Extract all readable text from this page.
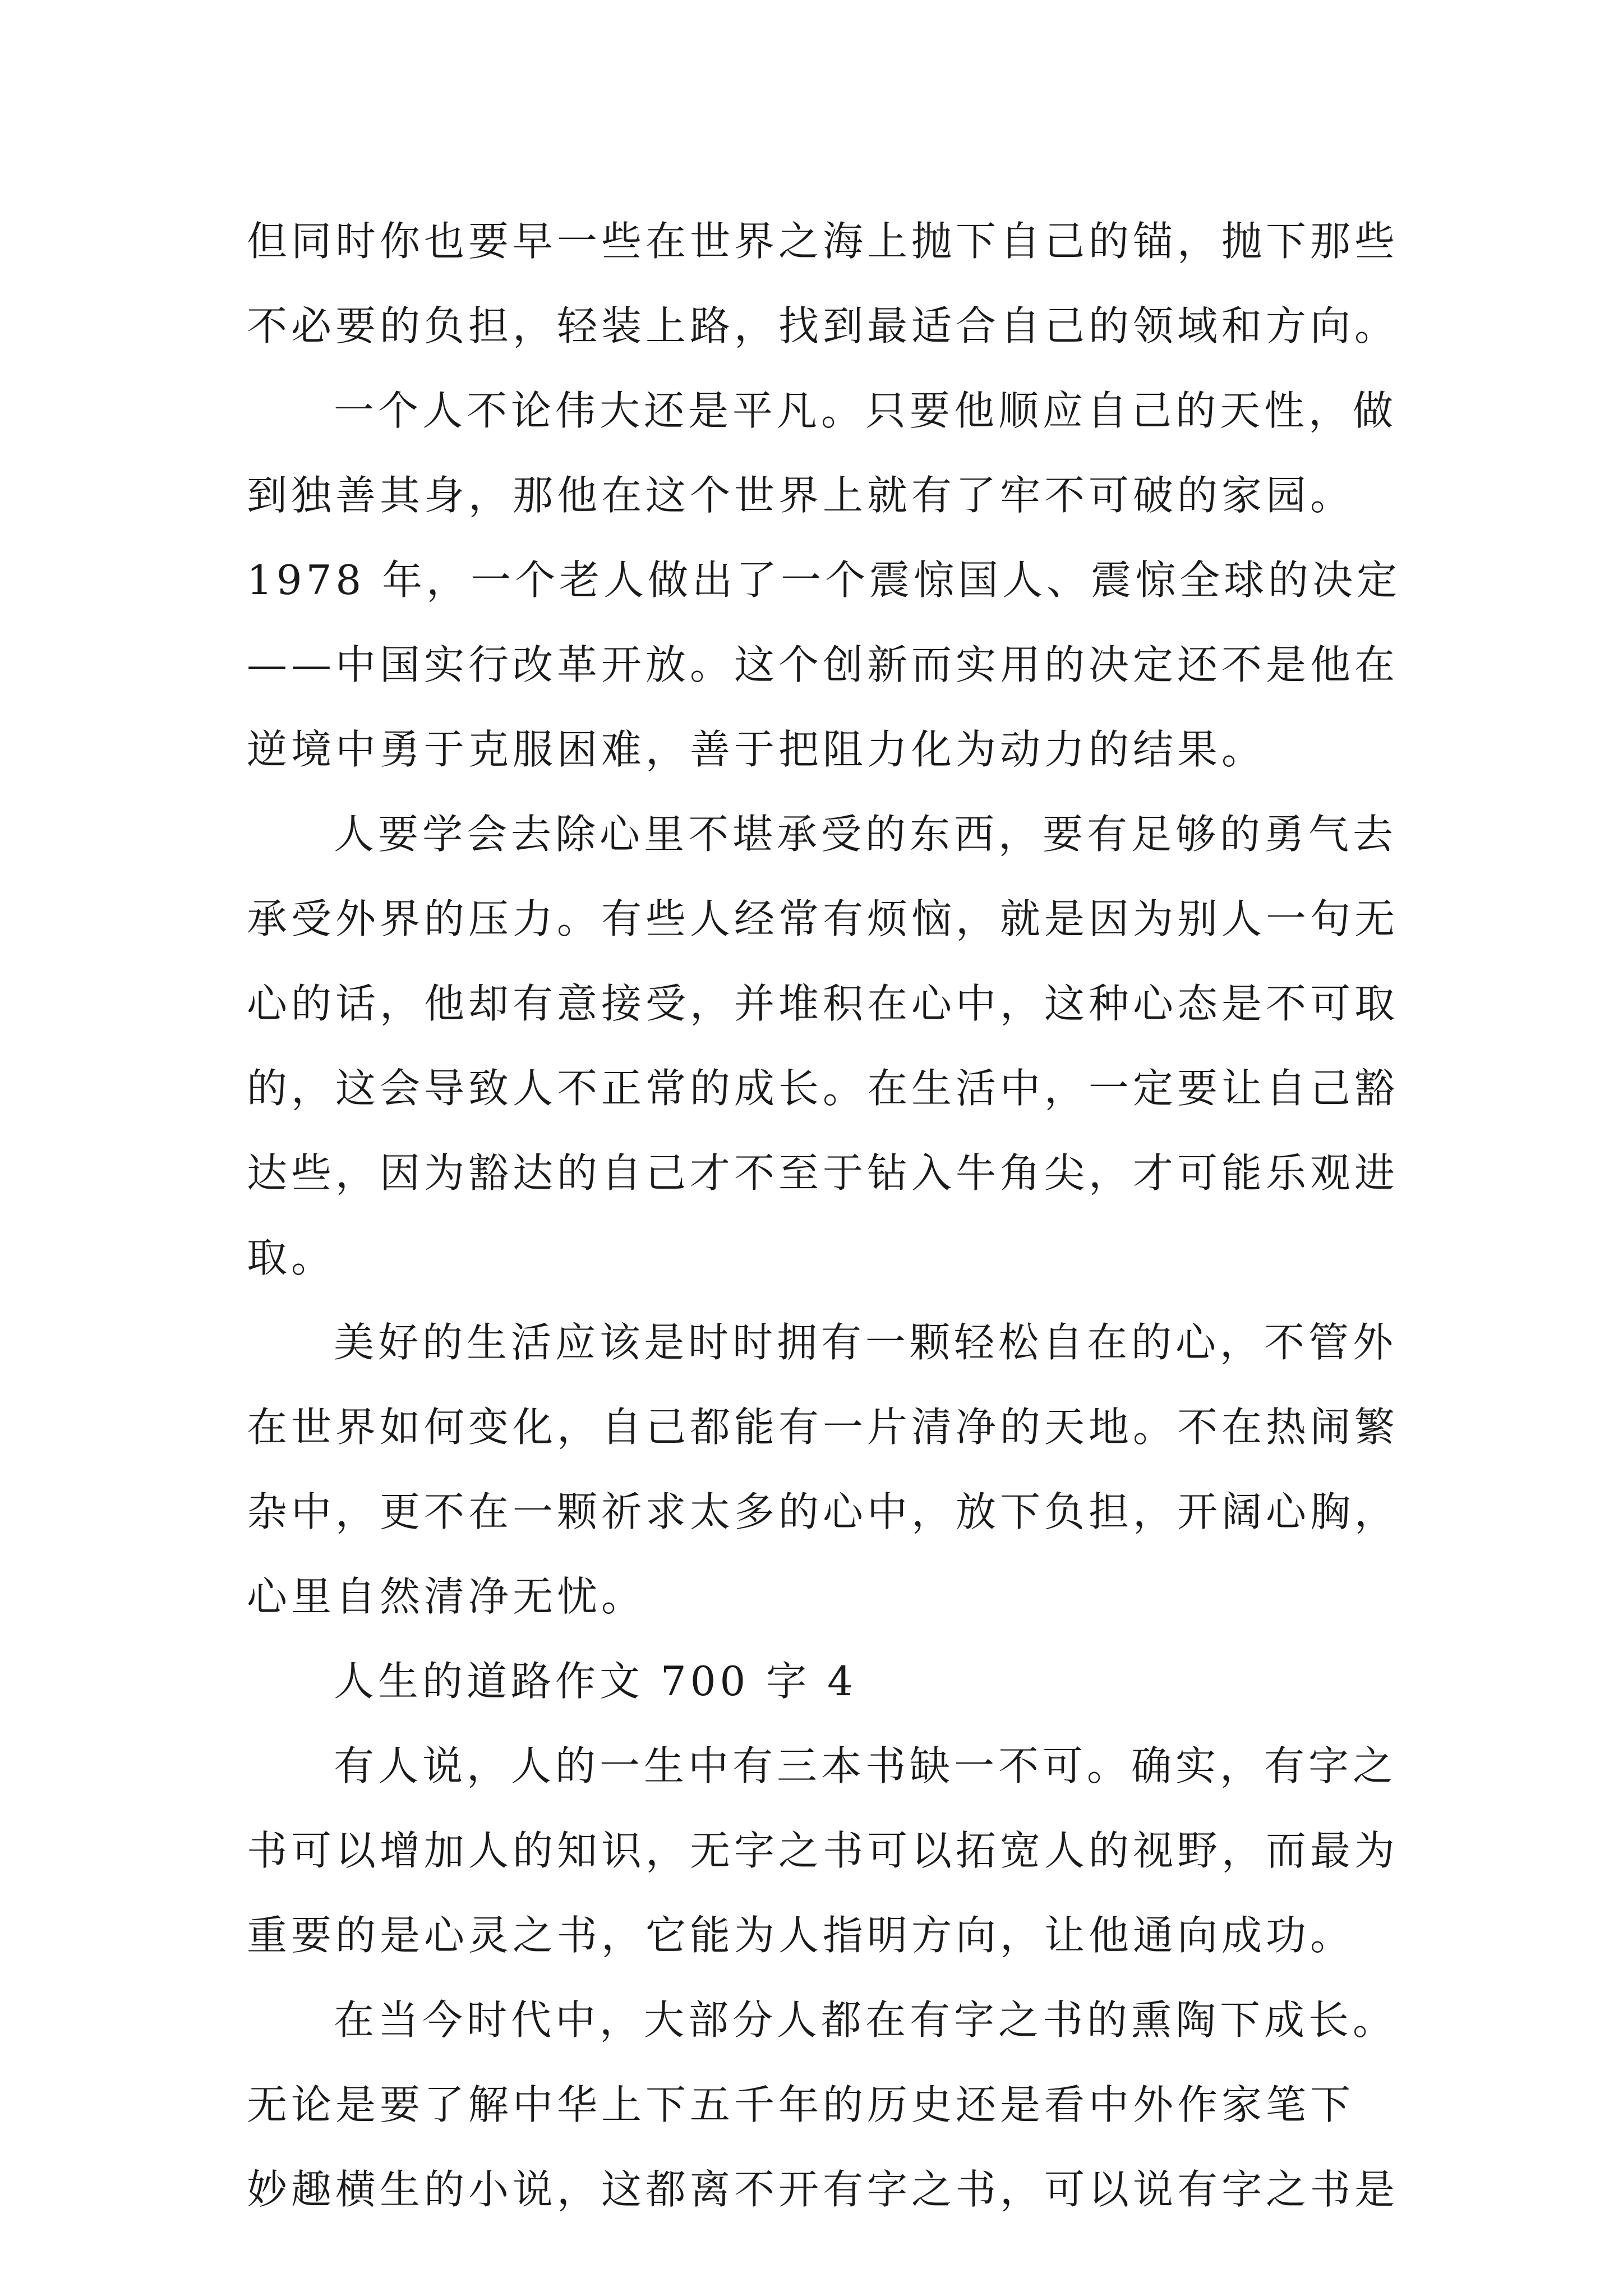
但同时你也要早一些在世界之海上抛下自己的锚，抛下那些
不必要的负担，轻装上路，找到最适合自己的领域和方向。
一个人不论伟大还是平凡。只要他顺应自己的天性，做
到独善其身，那他在这个世界上就有了牢不可破的家园。
1978 年，一个老人做出了一个震惊国人、震惊全球的决定
——中国实行改革开放。这个创新而实用的决定还不是他在
逆境中勇于克服困难，善于把阻力化为动力的结果。
人要学会去除心里不堪承受的东西，要有足够的勇气去
承受外界的压力。有些人经常有烦恼，就是因为别人一句无
心的话，他却有意接受，并堆积在心中，这种心态是不可取
的，这会导致人不正常的成长。在生活中，一定要让自己豁
达些，因为豁达的自己才不至于钻入牛角尖，才可能乐观进
取。
美好的生活应该是时时拥有一颗轻松自在的心，不管外
在世界如何变化，自己都能有一片清净的天地。不在热闹繁
杂中，更不在一颗祈求太多的心中，放下负担，开阔心胸，
心里自然清净无忧。
人生的道路作文 700 字 4
有人说，人的一生中有三本书缺一不可。确实，有字之
书可以增加人的知识，无字之书可以拓宽人的视野，而最为
重要的是心灵之书，它能为人指明方向，让他通向成功。
在当今时代中，大部分人都在有字之书的熏陶下成长。
无论是要了解中华上下五千年的历史还是看中外作家笔下
妙趣横生的小说，这都离不开有字之书，可以说有字之书是
